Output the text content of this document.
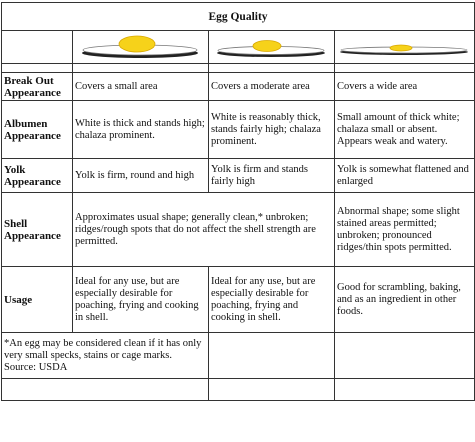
Egg Quality			

Break Out Appearance	Covers a small area	Covers a moderate area	Covers a wide area
Albumen Appearance	White is thick and stands high; chalaza prominent.	White is reasonably thick, stands fairly high; chalaza prominent.	Small amount of thick white; chalaza small or absent. Appears weak and watery.
Yolk Appearance	Yolk is firm, round and high	Yolk is firm and stands fairly high	Yolk is somewhat flattened and enlarged
Shell Appearance	Approximates usual shape; generally clean,* unbroken; ridges/rough spots that do not affect the shell strength are permitted.		Abnormal shape; some slight stained areas permitted; unbroken; pronounced ridges/thin spots permitted.
Usage	Ideal for any use, but are especially desirable for poaching, frying and cooking in shell.	Ideal for any use, but are especially desirable for poaching, frying and cooking in shell.	Good for scrambling, baking, and as an ingredient in other foods.
*An egg may be considered clean if it has only very small specks, stains or cage marks. Source: USDA			
